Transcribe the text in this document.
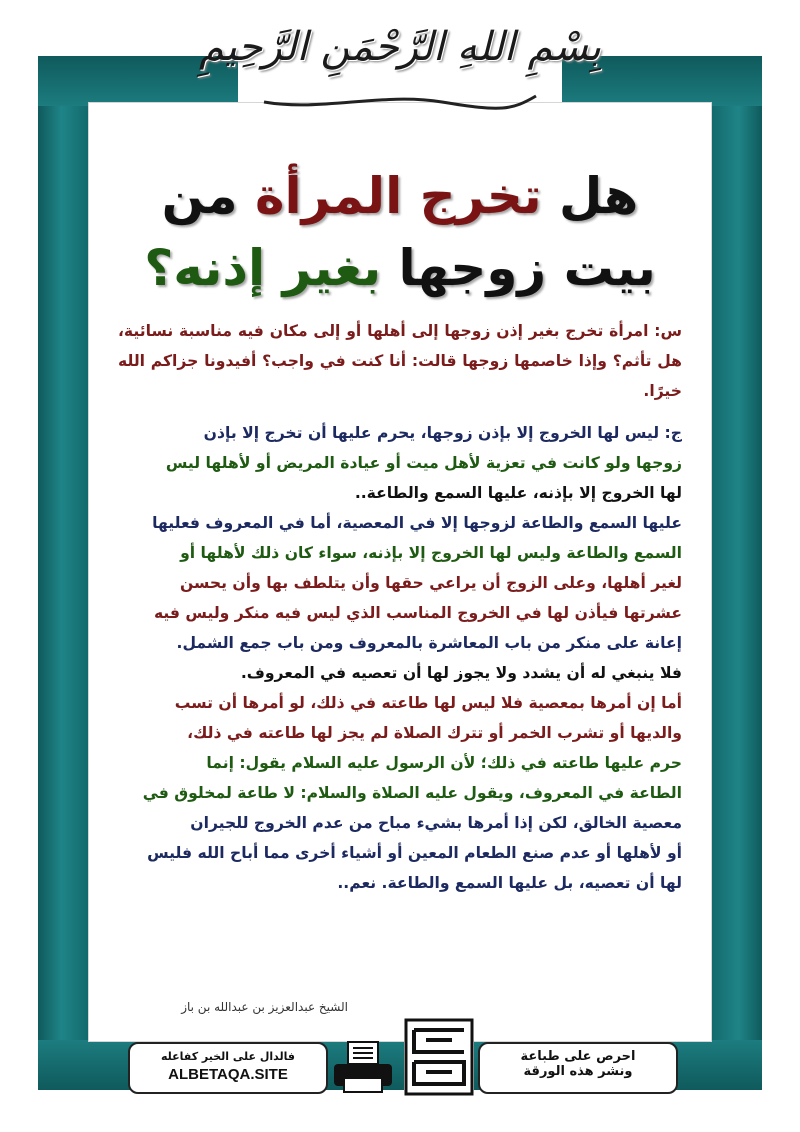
بِسْمِ اللهِ الرَّحْمَنِ الرَّحِيمِ
هل تخرج المرأة من
بيت زوجها بغير إذنه؟

س: امرأة تخرج بغير إذن زوجها إلى أهلها أو إلى مكان فيه مناسبة نسائية، هل تأثم؟ وإذا خاصمها زوجها قالت: أنا كنت في واجب؟ أفيدونا جزاكم الله خيرًا.

ج: ليس لها الخروج إلا بإذن زوجها، يحرم عليها أن تخرج إلا بإذن

زوجها ولو كانت في تعزية لأهل ميت أو عيادة المريض أو لأهلها ليس

لها الخروج إلا بإذنه، عليها السمع والطاعة..

عليها السمع والطاعة لزوجها إلا في المعصية، أما في المعروف فعليها

السمع والطاعة وليس لها الخروج إلا بإذنه، سواء كان ذلك لأهلها أو

لغير أهلها، وعلى الزوج أن يراعي حقها وأن يتلطف بها وأن يحسن

عشرتها فيأذن لها في الخروج المناسب الذي ليس فيه منكر وليس فيه

إعانة على منكر من باب المعاشرة بالمعروف ومن باب جمع الشمل.

فلا ينبغي له أن يشدد ولا يجوز لها أن تعصيه في المعروف.

أما إن أمرها بمعصية فلا ليس لها طاعته في ذلك، لو أمرها أن تسب

والديها أو تشرب الخمر أو تترك الصلاة لم يجز لها طاعته في ذلك،

حرم عليها طاعته في ذلك؛ لأن الرسول عليه السلام يقول: إنما

الطاعة في المعروف، ويقول عليه الصلاة والسلام: لا طاعة لمخلوق في

معصية الخالق، لكن إذا أمرها بشيء مباح من عدم الخروج للجيران

أو لأهلها أو عدم صنع الطعام المعين أو أشياء أخرى مما أباح الله فليس

لها أن تعصيه، بل عليها السمع والطاعة. نعم..

الشيخ عبدالعزيز بن عبدالله بن باز
فالدال على الخير كفاعله
ALBETAQA.SITE
احرص على طباعة
ونشر هذه الورقة
